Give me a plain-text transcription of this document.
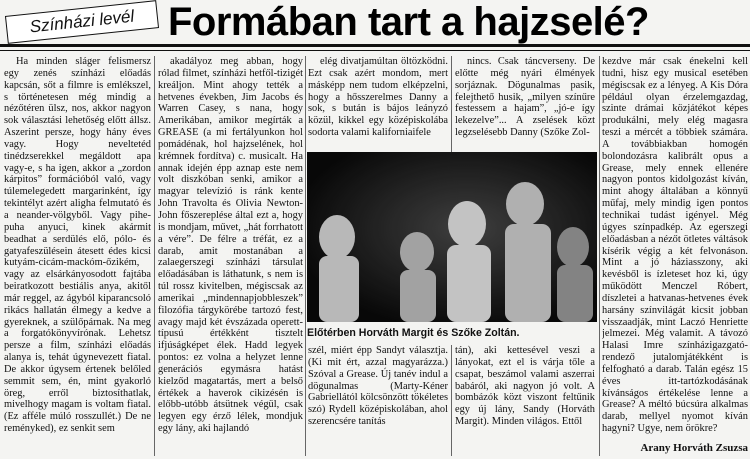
Színházi levél Formában tart a hajzselé?

Ha minden sláger felismersz egy zenés színházi előadás kapcsán, sőt a filmre is emlékszel, s történetesen még mindig a nézőtéren ülsz, nos, akkor nagyon sok választási lehetőség előtt állsz. Aszerint persze, hogy hány éves vagy. Hogy neveltetéd tinédzserekkel megáldott apa vagy-e, s ha igen, akkor a „zordon kárpitos” formációból való, vagy túlemelegedett margarinként, így tekintélyt azért aligha felmutató és a neander-völgyből. Vagy pihe-puha anyuci, kinek akármit beadhat a serdülés elő, pólo- és gatyafeszülésein átesett édes kicsi kutyám-cicám-mackóm-őzikém, vagy az elsárkányosodott fajtába beiratkozott bestiális anya, akitől már reggel, az ágyból kiparancsoló rikács hallatán élmegy a kedve a gyereknek, a szülőpárnak. Na meg a forgatókönyvírónak. Lehetsz persze a film, színházi előadás alanya is, tehát úgynevezett fiatal. De akkor úgysem értenek belőled semmit sem, én, mint gyakorló öreg, erről biztosíthatlak, mivelhogy magam is voltam fiatal. (Ez afféle múló rosszullét.) De ne reményked), ez senkit sem

akadályoz meg abban, hogy rólad filmet, színházi hetfől-tizigét kreáljon. Mint ahogy tették a hetvenes években, Jim Jacobs és Warren Casey, s nana, hogy Amerikában, amikor megírták a GREASE (a mi fertályunkon hol pomádénak, hol hajzselének, hol krémnek fordítva) c. musicalt. Ha annak idején épp aznap este nem volt diszkóban senki, amikor a magyar televízió is ránk kente John Travolta és Olivia Newton-John főszereplése által ezt a, hogy is mondjam, művet, „hát forrhatott a vére”. De félre a tréfát, ez a darab, amit mostanában a zalaegerszegi színházi társulat előadásában is láthatunk, s nem is túl rossz kivitelben, mégiscsak az amerikai „mindennapjobbleszek” filozófia tárgykörébe tartozó fest, avagy majd két évszázada operett-típusú értékként tisztelt ifjúságképet élek. Hadd legyek pontos: ez volna a helyzet lenne generációs egymásra hatást kielződ magatartás, mert a belső értékek a haverok cikizésén is előbb-utóbb átsütnek végül, csak legyen egy érző lélek, mondjuk egy lány, aki hajlandó

elég divatjamúltan öltözködni. Ezt csak azért mondom, mert másképp nem tudom elképzelni, hogy a hősszerelmes Danny a sok, s bután is bájos leányzó közül, kikkel egy középiskolába sodorta valami kaliforniaifele

nincs. Csak táncverseny. De előtte még nyári élmények sorjáznak. Dögunalmas pasik, felejthető husik, „milyen színűre festessem a hajam”, „jó-e így lekezelve”... A zselések közt legzselésebb Danny (Szőke Zol-

Előtérben Horváth Margit és Szőke Zoltán.

szél, miért épp Sandyt választja. (Ki mit ért, azzal magyarázza.) Szóval a Grease. Új tanév indul a dögunalmas (Marty-Kéner Gabriellától kölcsönzött tökéletes szó) Rydell középiskolában, ahol szerencsére tanítás

tán), aki kettesével veszi a lányokat, ezt el is várja tőle a csapat, beszámol valami aszerrai babáról, aki nagyon jó volt. A bombázók közt viszont feltűnik egy új lány, Sandy (Horváth Margit). Minden világos. Ettől

kezdve már csak énekelni kell tudni, hisz egy musical esetében mégiscsak ez a lényeg. A Kis Dóra például olyan érzelemgazdag, szinte drámai közjátékot képes produkálni, mely elég magasra teszi a mércét a többiek számára. A továbbiakban homogén bolondozásra kalibrált opus a Grease, mely ennek ellenére nagyon pontos kidolgozást kíván, mint ahogy általában a könnyű műfaj, mely mindig igen pontos technikai tudást igényel. Még úgyes színpadkép. Az egerszegi előadásban a nézőt ötletes váltások kísérik végig a két felvonáson. Mint a jó háziasszony, aki kevésből is ízleteset hoz ki, úgy működött Menczel Róbert, díszletei a hatvanas-hetvenes évek harsány színvilágát kicsit jobban visszaadják, mint Laczó Henriette jelmezei. Még valamit. A távozó Halasi Imre színházigazgató-rendező jutalomjátékként is felfogható a darab. Talán egész 15 éves itt-tartózkodásának kívánságos értékelése lenne a Grease? A méltó búcsúra alkalmas darab, mellyel nyomot kíván hagyni? Ugye, nem örökre?

Arany Horváth Zsuzsa
